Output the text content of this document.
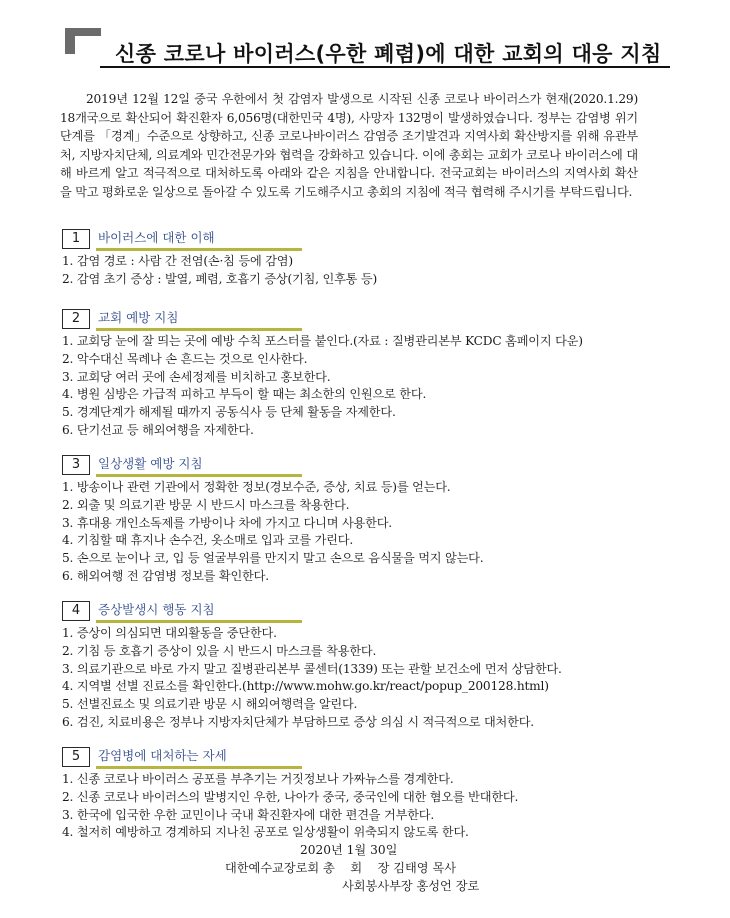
신종 코로나 바이러스(우한 폐렴)에 대한 교회의 대응 지침
2019년 12월 12일 중국 우한에서 첫 감염자 발생으로 시작된 신종 코로나 바이러스가 현재(2020.1.29) 18개국으로 확산되어 확진환자 6,056명(대한민국 4명), 사망자 132명이 발생하였습니다. 정부는 감염병 위기단계를 「경계」수준으로 상향하고, 신종 코로나바이러스 감염증 조기발견과 지역사회 확산방지를 위해 유관부처, 지방자치단체, 의료계와 민간전문가와 협력을 강화하고 있습니다. 이에 총회는 교회가 코로나 바이러스에 대해 바르게 알고 적극적으로 대처하도록 아래와 같은 지침을 안내합니다. 전국교회는 바이러스의 지역사회 확산을 막고 평화로운 일상으로 돌아갈 수 있도록 기도해주시고 총회의 지침에 적극 협력해 주시기를 부탁드립니다.
1	바이러스에 대한 이해
1. 감염 경로 : 사람 간 전염(손·침 등에 감염)
2. 감염 초기 증상 : 발열, 폐렴, 호흡기 증상(기침, 인후통 등)
2	교회 예방 지침
1. 교회당 눈에 잘 띄는 곳에 예방 수칙 포스터를 붙인다.(자료 : 질병관리본부 KCDC 홈페이지 다운)
2. 악수대신 목례나 손 흔드는 것으로 인사한다.
3. 교회당 여러 곳에 손세정제를 비치하고 홍보한다.
4. 병원 심방은 가급적 피하고 부득이 할 때는 최소한의 인원으로 한다.
5. 경계단계가 해제될 때까지 공동식사 등 단체 활동을 자제한다.
6. 단기선교 등 해외여행을 자제한다.
3	일상생활 예방 지침
1. 방송이나 관련 기관에서 정확한 정보(경보수준, 증상, 치료 등)를 얻는다.
2. 외출 및 의료기관 방문 시 반드시 마스크를 착용한다.
3. 휴대용 개인소독제를 가방이나 차에 가지고 다니며 사용한다.
4. 기침할 때 휴지나 손수건, 옷소매로 입과 코를 가린다.
5. 손으로 눈이나 코, 입 등 얼굴부위를 만지지 말고 손으로 음식물을 먹지 않는다.
6. 해외여행 전 감염병 정보를 확인한다.
4	증상발생시 행동 지침
1. 증상이 의심되면 대외활동을 중단한다.
2. 기침 등 호흡기 증상이 있을 시 반드시 마스크를 착용한다.
3. 의료기관으로 바로 가지 말고 질병관리본부 콜센터(1339) 또는 관할 보건소에 먼저 상담한다.
4. 지역별 선별 진료소를 확인한다.(http://www.mohw.go.kr/react/popup_200128.html)
5. 선별진료소 및 의료기관 방문 시 해외여행력을 알린다.
6. 검진, 치료비용은 정부나 지방자치단체가 부담하므로 증상 의심 시 적극적으로 대처한다.
5	감염병에 대처하는 자세
1. 신종 코로나 바이러스 공포를 부추기는 거짓정보나 가짜뉴스를 경계한다.
2. 신종 코로나 바이러스의 발병지인 우한, 나아가 중국, 중국인에 대한 혐오를 반대한다.
3. 한국에 입국한 우한 교민이나 국내 확진환자에 대한 편견을 거부한다.
4. 철저히 예방하고 경계하되 지나친 공포로 일상생활이 위축되지 않도록 한다.
2020년 1월 30일
대한예수교장로회 총    회    장 김태영 목사
사회봉사부장 홍성언 장로
